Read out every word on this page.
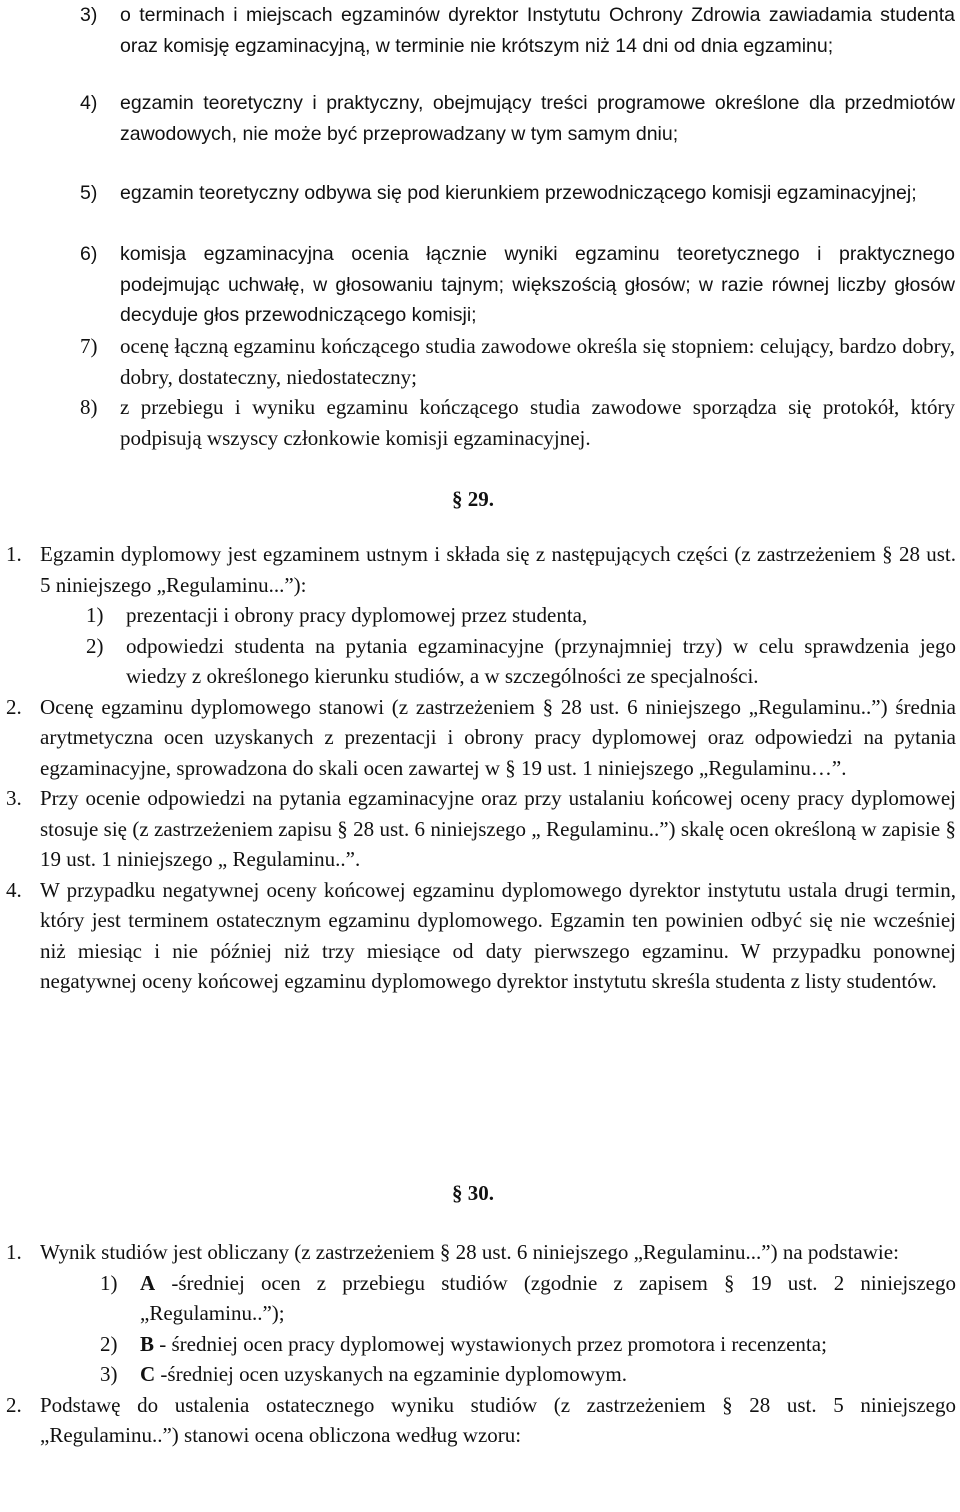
3) o terminach i miejscach egzaminów dyrektor Instytutu Ochrony Zdrowia zawiadamia studenta oraz komisję egzaminacyjną, w terminie nie krótszym niż 14 dni od dnia egzaminu;

4) egzamin teoretyczny i praktyczny, obejmujący treści programowe określone dla przedmiotów zawodowych, nie może być przeprowadzany w tym samym dniu;

5) egzamin teoretyczny odbywa się pod kierunkiem przewodniczącego komisji egzaminacyjnej;

6) komisja egzaminacyjna ocenia łącznie wyniki egzaminu teoretycznego i praktycznego podejmując uchwałę, w głosowaniu tajnym; większością głosów; w razie równej liczby głosów decyduje głos przewodniczącego komisji;

7) ocenę łączną egzaminu kończącego studia zawodowe określa się stopniem: celujący, bardzo dobry, dobry, dostateczny, niedostateczny;

8) z przebiegu i wyniku egzaminu kończącego studia zawodowe sporządza się protokół, który podpisują wszyscy członkowie komisji egzaminacyjnej.

§ 29.
1. Egzamin dyplomowy jest egzaminem ustnym i składa się z następujących części (z zastrzeżeniem § 28 ust. 5 niniejszego „Regulaminu...”):

1) prezentacji i obrony pracy dyplomowej przez studenta,

2) odpowiedzi studenta na pytania egzaminacyjne (przynajmniej trzy) w celu sprawdzenia jego wiedzy z określonego kierunku studiów, a w szczególności ze specjalności.

2. Ocenę egzaminu dyplomowego stanowi (z zastrzeżeniem § 28 ust. 6 niniejszego „Regulaminu..”) średnia arytmetyczna ocen uzyskanych z prezentacji i obrony pracy dyplomowej oraz odpowiedzi na pytania egzaminacyjne, sprowadzona do skali ocen zawartej w § 19 ust. 1 niniejszego „Regulaminu…”.

3. Przy ocenie odpowiedzi na pytania egzaminacyjne oraz przy ustalaniu końcowej oceny pracy dyplomowej stosuje się (z zastrzeżeniem zapisu § 28 ust. 6 niniejszego „ Regulaminu..”) skalę ocen określoną w zapisie § 19 ust. 1 niniejszego „ Regulaminu..”.

4. W przypadku negatywnej oceny końcowej egzaminu dyplomowego dyrektor instytutu ustala drugi termin, który jest terminem ostatecznym egzaminu dyplomowego. Egzamin ten powinien odbyć się nie wcześniej niż miesiąc i nie później niż trzy miesiące od daty pierwszego egzaminu. W przypadku ponownej negatywnej oceny końcowej egzaminu dyplomowego dyrektor instytutu skreśla studenta z listy studentów.

§ 30.
1. Wynik studiów jest obliczany (z zastrzeżeniem § 28 ust. 6 niniejszego „Regulaminu...”) na podstawie:

1) A -średniej ocen z przebiegu studiów (zgodnie z zapisem § 19 ust. 2 niniejszego „Regulaminu..”);

2) B - średniej ocen pracy dyplomowej wystawionych przez promotora i recenzenta;

3) C -średniej ocen uzyskanych na egzaminie dyplomowym.

2. Podstawę do ustalenia ostatecznego wyniku studiów (z zastrzeżeniem § 28 ust. 5 niniejszego „Regulaminu..”) stanowi ocena obliczona według wzoru:
